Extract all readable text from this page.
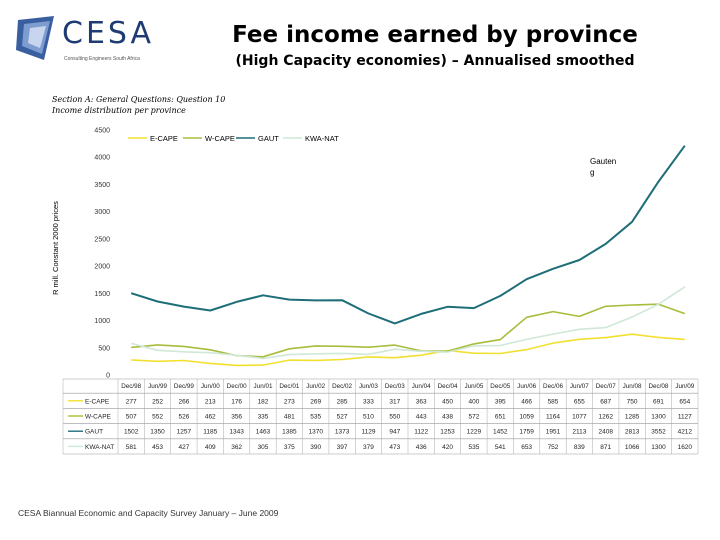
CESA
Consulting Engineers South Africa
Fee income earned by province
(High Capacity economies) – Annualised smoothed
Section A: General Questions: Question 10
Income distribution per province
0
500
1000
1500
2000
2500
3000
3500
4000
4500
E-CAPE	W-CAPE	GAUT	KWA-NAT
Dec/98 Jun/99 Dec/99 Jun/00 Dec/00 Jun/01 Dec/01 Jun/02 Dec/02 Jun/03 Dec/03 Jun/04 Dec/04 Jun/05 Dec/05 Jun/06 Dec/06 Jun/07 Dec/07 Jun/08 Dec/08 Jun/09
E-CAPE	277 252 266 213 176 182 273 269 285 333 317 363 450 400 395 466 585 655 687 750 691 654
W-CAPE 507 552 526 462 356 335 481 535 527 510 550 443 438 572 651 1059 1164 1077 1262 1285 1300 1127
GAUT	1502 1350 1257 1185 1343 1463 1385 1370 1373 1129 947 1122 1253 1229 1452 1759 1951 2113 2408 2813 3552 4212
KWA-NAT 581 453 427 409 362 305 375 390 397 379 473 436 420 535 541 653 752 839 871 1066 1300 1620
R mill. Constant 2000 prices
Gauten g
CESA Biannual Economic and Capacity Survey January – June 2009
